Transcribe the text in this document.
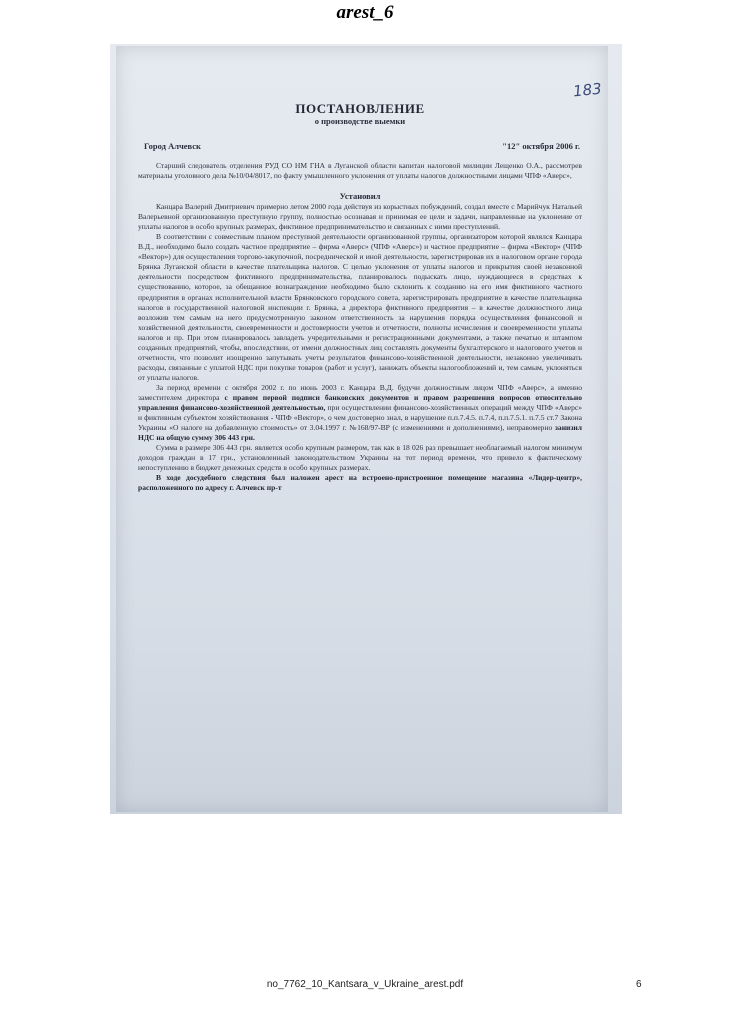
arest_6
183
ПОСТАНОВЛЕНИЕ
о производстве выемки
Город Алчевск	"12" октября 2006 г.

Старший следователь отделения РУД СО НМ ГНА в Луганской области капитан налоговой милиции Лещенко О.А., рассмотрев материалы уголовного дела №10/04/8017, по факту умышленного уклонения от уплаты налогов должностными лицами ЧПФ «Аверс»,

Установил

Канцара Валерий Дмитриевич примерно летом 2000 года действуя из корыстных побуждений, создал вместе с Марийчук Натальей Валерьевной организованную преступную группу, полностью осознавая и принимая ее цели и задачи, направленные на уклонение от уплаты налогов в особо крупных размерах, фиктивное предпринимательство и связанных с ними преступлений.

В соответствии с совместным планом преступной деятельности организованной группы, организатором которой являлся Канцара В.Д., необходимо было создать частное предприятие – фирма «Аверс» (ЧПФ «Аверс») и частное предприятие – фирма «Вектор» (ЧПФ «Вектор») для осуществления торгово-закупочной, посреднической и иной деятельности, зарегистрировав их в налоговом органе города Брянка Луганской области в качестве плательщика налогов. С целью уклонения от уплаты налогов и прикрытия своей незаконной деятельности посредством фиктивного предпринимательства, планировалось подыскать лицо, нуждающееся в средствах к существованию, которое, за обещанное вознаграждение необходимо было склонить к созданию на его имя фиктивного частного предприятия в органах исполнительной власти Брянковского городского совета, зарегистрировать предприятие в качестве плательщика налогов в государственной налоговой инспекции г. Брянка, а директора фиктивного предприятия – в качестве должностного лица возложив тем самым на него предусмотренную законом ответственность за нарушения порядка осуществления финансовой и хозяйственной деятельности, своевременности и достоверности учетов и отчетности, полноты исчисления и своевременности уплаты налогов и пр. При этом планировалось завладеть учредительными и регистрационными документами, а также печатью и штампом созданных предприятий, чтобы, впоследствии, от имени должностных лиц составлять документы бухгалтерского и налогового учетов и отчетности, что позволит изощренно запутывать учеты результатов финансово-хозяйственной деятельности, незаконно увеличивать расходы, связанные с уплатой НДС при покупке товаров (работ и услуг), занижать объекты налогообложений и, тем самым, уклоняться от уплаты налогов.

За период времени с октября 2002 г. по июнь 2003 г. Канцара В.Д. будучи должностным лицом ЧПФ «Аверс», а именно заместителем директора с правом первой подписи банковских документов и правом разрешения вопросов относительно управления финансово-хозяйственной деятельностью, при осуществлении финансово-хозяйственных операций между ЧПФ «Аверс» и фиктивным субъектом хозяйствования - ЧПФ «Вектор», о чем достоверно знал, в нарушение п.п.7.4.5. п.7.4, п.п.7.5.1. п.7.5 ст.7 Закона Украины «О налоге на добавленную стоимость» от 3.04.1997 г. №168/97-ВР (с изменениями и дополнениями), неправомерно занизил НДС на общую сумму 306 443 грн.

Сумма в размере 306 443 грн. является особо крупным размером, так как в 18 026 раз превышает необлагаемый налогом минимум доходов граждан в 17 грн., установленный законодательством Украины на тот период времени, что привело к фактическому непоступлению в бюджет денежных средств в особо крупных размерах.

В ходе досудебного следствия был наложен арест на встроено-пристроенное помещение магазина «Лидер-центр», расположенного по адресу г. Алчевск пр-т

no_7762_10_Kantsara_v_Ukraine_arest.pdf	6
